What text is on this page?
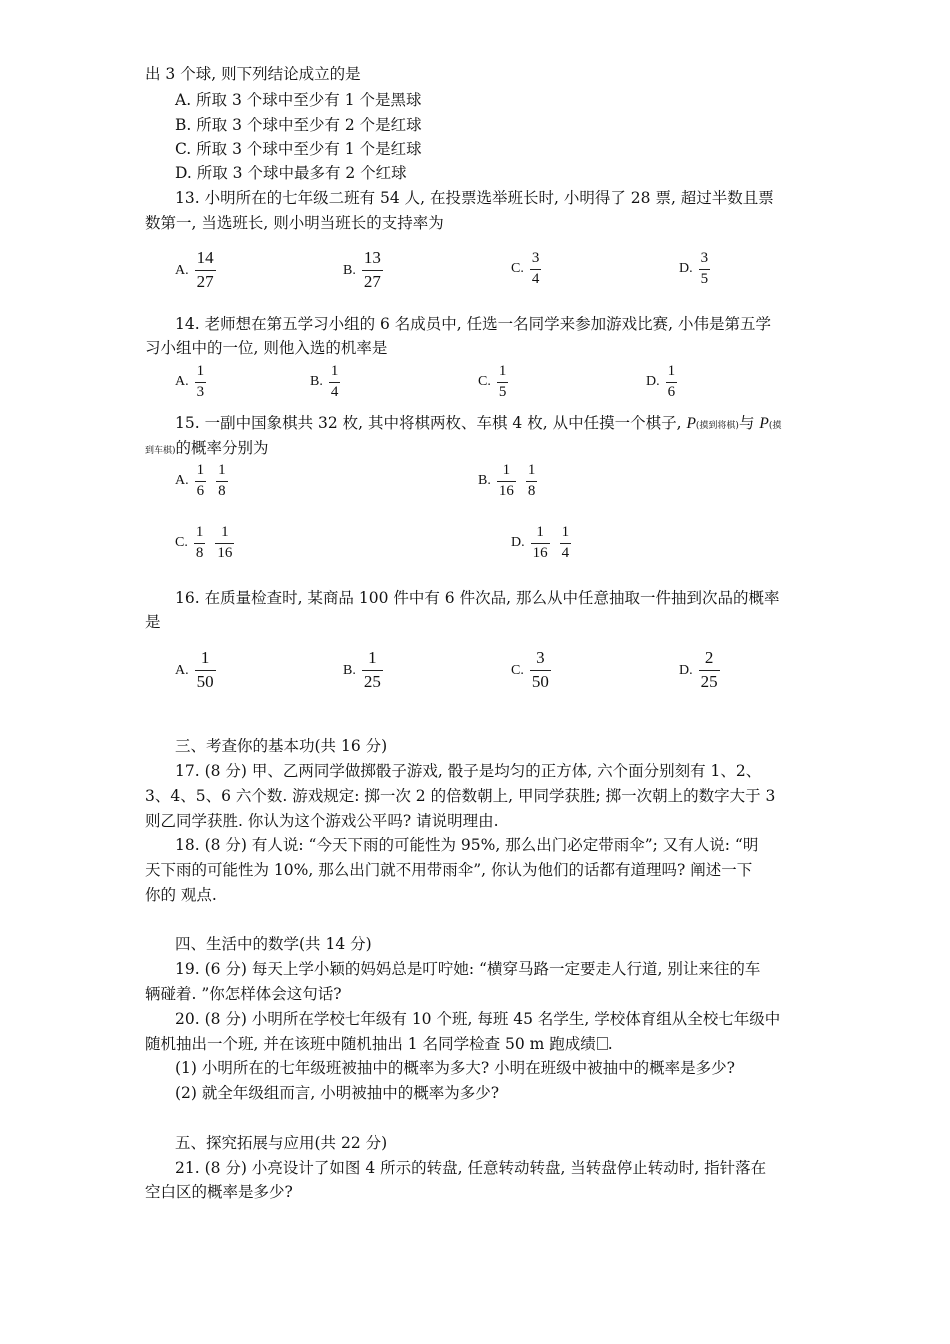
出 3 个球, 则下列结论成立的是
A. 所取 3 个球中至少有 1 个是黑球
B. 所取 3 个球中至少有 2 个是红球
C. 所取 3 个球中至少有 1 个是红球
D. 所取 3 个球中最多有 2 个红球
13. 小明所在的七年级二班有 54 人, 在投票选举班长时, 小明得了 28 票, 超过半数且票
数第一, 当选班长, 则小明当班长的支持率为
A. $\frac{14}{27}$	B. $\frac{13}{27}$	C. $\frac{3}{4}$	D. $\frac{3}{5}$
14. 老师想在第五学习小组的 6 名成员中, 任选一名同学来参加游戏比赛, 小伟是第五学
习小组中的一位, 则他入选的机率是
A. $\frac{1}{3}$	B. $\frac{1}{4}$	C. $\frac{1}{5}$	D. $\frac{1}{6}$
15. 一副中国象棋共 32 枚, 其中将棋两枚、车棋 4 枚, 从中任摸一个棋子, P(摸到将棋)与 P(摸
到车棋)的概率分别为
A. $\frac{1}{6} \frac{1}{8}$	B. $\frac{1}{16} \frac{1}{8}$
C. $\frac{1}{8} \frac{1}{16}$	D. $\frac{1}{16} \frac{1}{4}$
16. 在质量检查时, 某商品 100 件中有 6 件次品, 那么从中任意抽取一件抽到次品的概率
是
A. $\frac{1}{50}$	B. $\frac{1}{25}$	C. $\frac{3}{50}$	D. $\frac{2}{25}$
三、考查你的基本功(共 16 分)
17. (8 分) 甲、乙两同学做掷骰子游戏, 骰子是均匀的正方体, 六个面分别刻有 1、2、
3、4、5、6 六个数. 游戏规定: 掷一次 2 的倍数朝上, 甲同学获胜; 掷一次朝上的数字大于 3
则乙同学获胜. 你认为这个游戏公平吗? 请说明理由.
18. (8 分) 有人说: “今天下雨的可能性为 95%, 那么出门必定带雨伞”; 又有人说: “明
天下雨的可能性为 10%, 那么出门就不用带雨伞”, 你认为他们的话都有道理吗? 阐述一下
你的 观点.
四、生活中的数学(共 14 分)
19. (6 分) 每天上学小颖的妈妈总是叮咛她: “横穿马路一定要走人行道, 别让来往的车
辆碰着. ”你怎样体会这句话?
20. (8 分) 小明所在学校七年级有 10 个班, 每班 45 名学生, 学校体育组从全校七年级中
随机抽出一个班, 并在该班中随机抽出 1 名同学检查 50 m 跑成绩 .
(1) 小明所在的七年级班被抽中的概率为多大? 小明在班级中被抽中的概率是多少?
(2) 就全年级组而言, 小明被抽中的概率为多少?
五、探究拓展与应用(共 22 分)
21. (8 分) 小亮设计了如图 4 所示的转盘, 任意转动转盘, 当转盘停止转动时, 指针落在
空白区的概率是多少?
